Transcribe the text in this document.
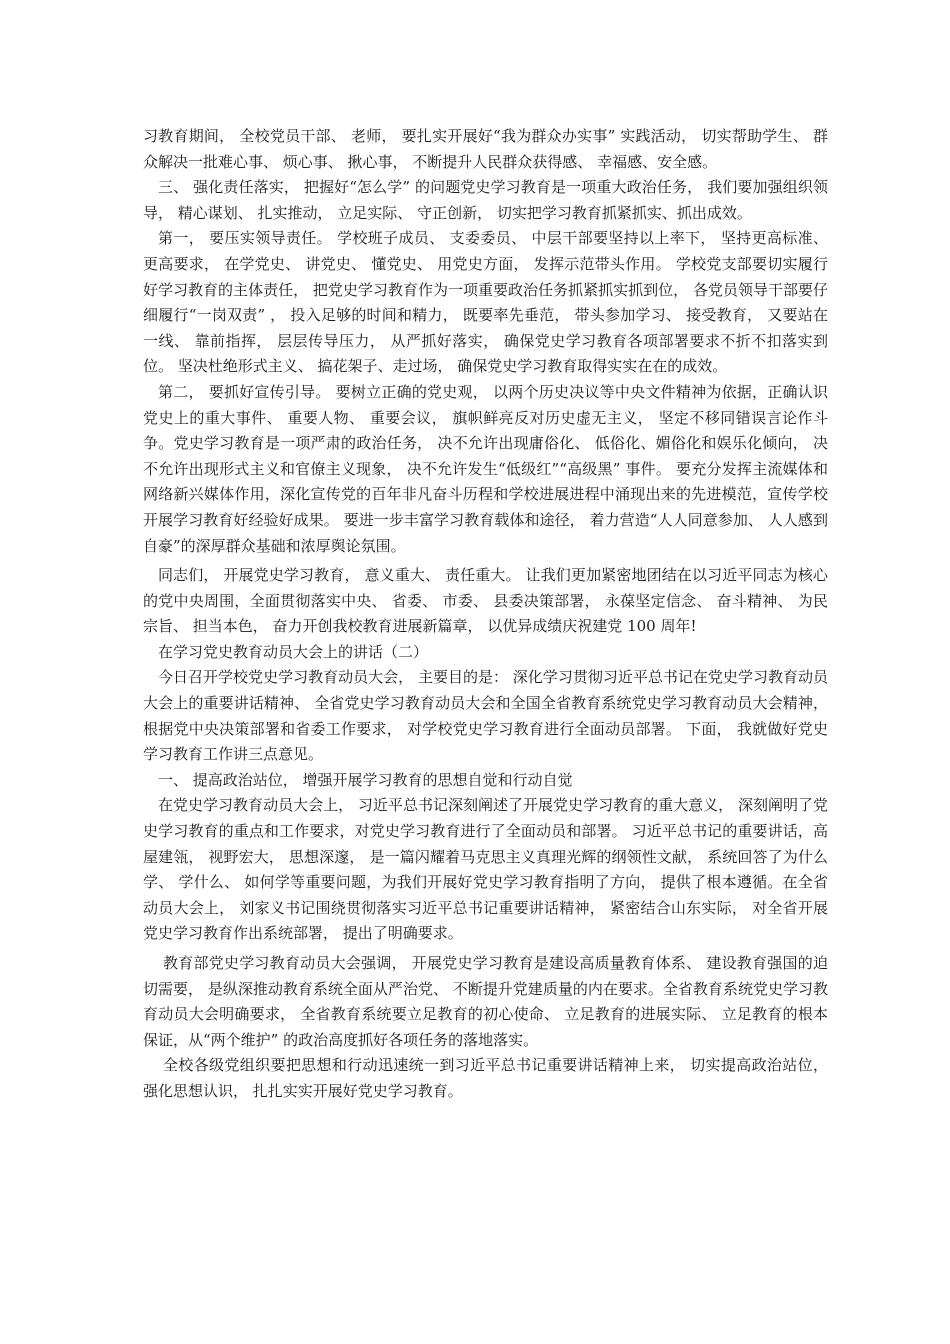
习教育期间， 全校党员干部、 老师， 要扎实开展好“我为群众办实事” 实践活动， 切实帮助学生、 群众解决一批难心事、 烦心事、 揪心事， 不断提升人民群众获得感、 幸福感、安全感。

三、 强化责任落实， 把握好“怎么学” 的问题党史学习教育是一项重大政治任务， 我们要加强组织领导， 精心谋划、 扎实推动， 立足实际、 守正创新， 切实把学习教育抓紧抓实、抓出成效。

第一， 要压实领导责任。 学校班子成员、 支委委员、 中层干部要坚持以上率下， 坚持更高标准、 更高要求， 在学党史、 讲党史、 懂党史、 用党史方面， 发挥示范带头作用。 学校党支部要切实履行好学习教育的主体责任， 把党史学习教育作为一项重要政治任务抓紧抓实抓到位， 各党员领导干部要仔细履行“一岗双责” ， 投入足够的时间和精力， 既要率先垂范， 带头参加学习、 接受教育， 又要站在一线、 靠前指挥， 层层传导压力， 从严抓好落实， 确保党史学习教育各项部署要求不折不扣落实到位。 坚决杜绝形式主义、 搞花架子、走过场， 确保党史学习教育取得实实在在的成效。

第二， 要抓好宣传引导。 要树立正确的党史观， 以两个历史决议等中央文件精神为依据，正确认识党史上的重大事件、 重要人物、 重要会议， 旗帜鲜亮反对历史虚无主义， 坚定不移同错误言论作斗争。党史学习教育是一项严肃的政治任务， 决不允许出现庸俗化、 低俗化、媚俗化和娱乐化倾向， 决不允许出现形式主义和官僚主义现象， 决不允许发生“低级红”“高级黑” 事件。 要充分发挥主流媒体和网络新兴媒体作用，深化宣传党的百年非凡奋斗历程和学校进展进程中涌现出来的先进模范，宣传学校开展学习教育好经验好成果。 要进一步丰富学习教育载体和途径， 着力营造“人人同意参加、 人人感到自豪”的深厚群众基础和浓厚舆论氛围。

同志们， 开展党史学习教育， 意义重大、 责任重大。 让我们更加紧密地团结在以习近平同志为核心的党中央周围，全面贯彻落实中央、 省委、 市委、 县委决策部署， 永葆坚定信念、 奋斗精神、 为民宗旨、 担当本色， 奋力开创我校教育进展新篇章， 以优异成绩庆祝建党 100 周年!

在学习党史教育动员大会上的讲话（二）

今日召开学校党史学习教育动员大会， 主要目的是： 深化学习贯彻习近平总书记在党史学习教育动员大会上的重要讲话精神、 全省党史学习教育动员大会和全国全省教育系统党史学习教育动员大会精神， 根据党中央决策部署和省委工作要求， 对学校党史学习教育进行全面动员部署。 下面， 我就做好党史学习教育工作讲三点意见。

一、 提高政治站位， 增强开展学习教育的思想自觉和行动自觉

在党史学习教育动员大会上， 习近平总书记深刻阐述了开展党史学习教育的重大意义， 深刻阐明了党史学习教育的重点和工作要求，对党史学习教育进行了全面动员和部署。 习近平总书记的重要讲话，高屋建瓴， 视野宏大， 思想深邃， 是一篇闪耀着马克思主义真理光辉的纲领性文献， 系统回答了为什么学、 学什么、 如何学等重要问题，为我们开展好党史学习教育指明了方向， 提供了根本遵循。在全省动员大会上， 刘家义书记围绕贯彻落实习近平总书记重要讲话精神， 紧密结合山东实际， 对全省开展党史学习教育作出系统部署， 提出了明确要求。

教育部党史学习教育动员大会强调， 开展党史学习教育是建设高质量教育体系、 建设教育强国的迫切需要， 是纵深推动教育系统全面从严治党、 不断提升党建质量的内在要求。全省教育系统党史学习教育动员大会明确要求， 全省教育系统要立足教育的初心使命、 立足教育的进展实际、 立足教育的根本保证，从“两个维护” 的政治高度抓好各项任务的落地落实。

全校各级党组织要把思想和行动迅速统一到习近平总书记重要讲话精神上来， 切实提高政治站位， 强化思想认识， 扎扎实实开展好党史学习教育。
